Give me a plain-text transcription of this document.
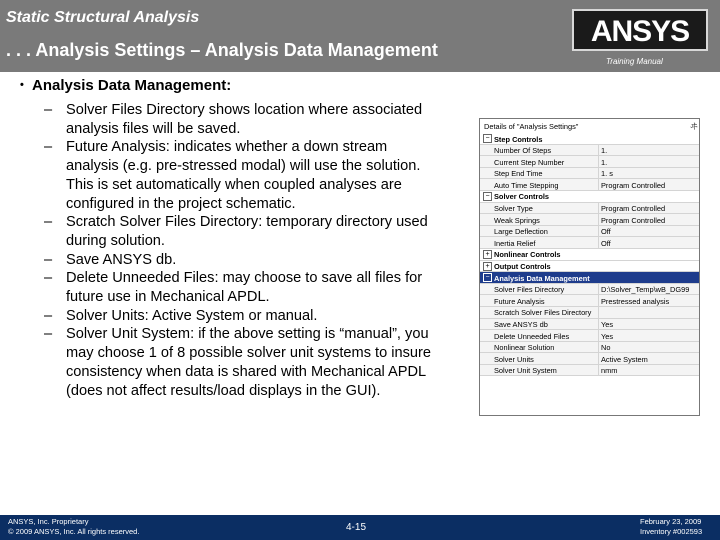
Static Structural Analysis
. . . Analysis Settings – Analysis Data Management
ANSYS
Training Manual
• Analysis Data Management:
– Solver Files Directory shows location where associated analysis files will be saved.
– Future Analysis: indicates whether a down stream analysis (e.g. pre-stressed modal) will use the solution. This is set automatically when coupled analyses are configured in the project schematic.
– Scratch Solver Files Directory: temporary directory used during solution.
– Save ANSYS db.
– Delete Unneeded Files: may choose to save all files for future use in Mechanical APDL.
– Solver Units: Active System or manual.
– Solver Unit System: if the above setting is “manual”, you may choose 1 of 8 possible solver unit systems to insure consistency when data is shared with Mechanical APDL (does not affect results/load displays in the GUI).
Details of "Analysis Settings"	ヰ
− Step Controls
Number Of Steps	1.
Current Step Number	1.
Step End Time	1. s
Auto Time Stepping	Program Controlled
− Solver Controls
Solver Type	Program Controlled
Weak Springs	Program Controlled
Large Deflection	Off
Inertia Relief	Off
+ Nonlinear Controls
+ Output Controls
− Analysis Data Management
Solver Files Directory	D:\Solver_Temp\wB_DG99
Future Analysis	Prestressed analysis
Scratch Solver Files Directory
Save ANSYS db	Yes
Delete Unneeded Files	Yes
Nonlinear Solution	No
Solver Units	Active System
Solver Unit System	nmm
ANSYS, Inc. Proprietary
© 2009 ANSYS, Inc. All rights reserved.	4-15
February 23, 2009
Inventory #002593
